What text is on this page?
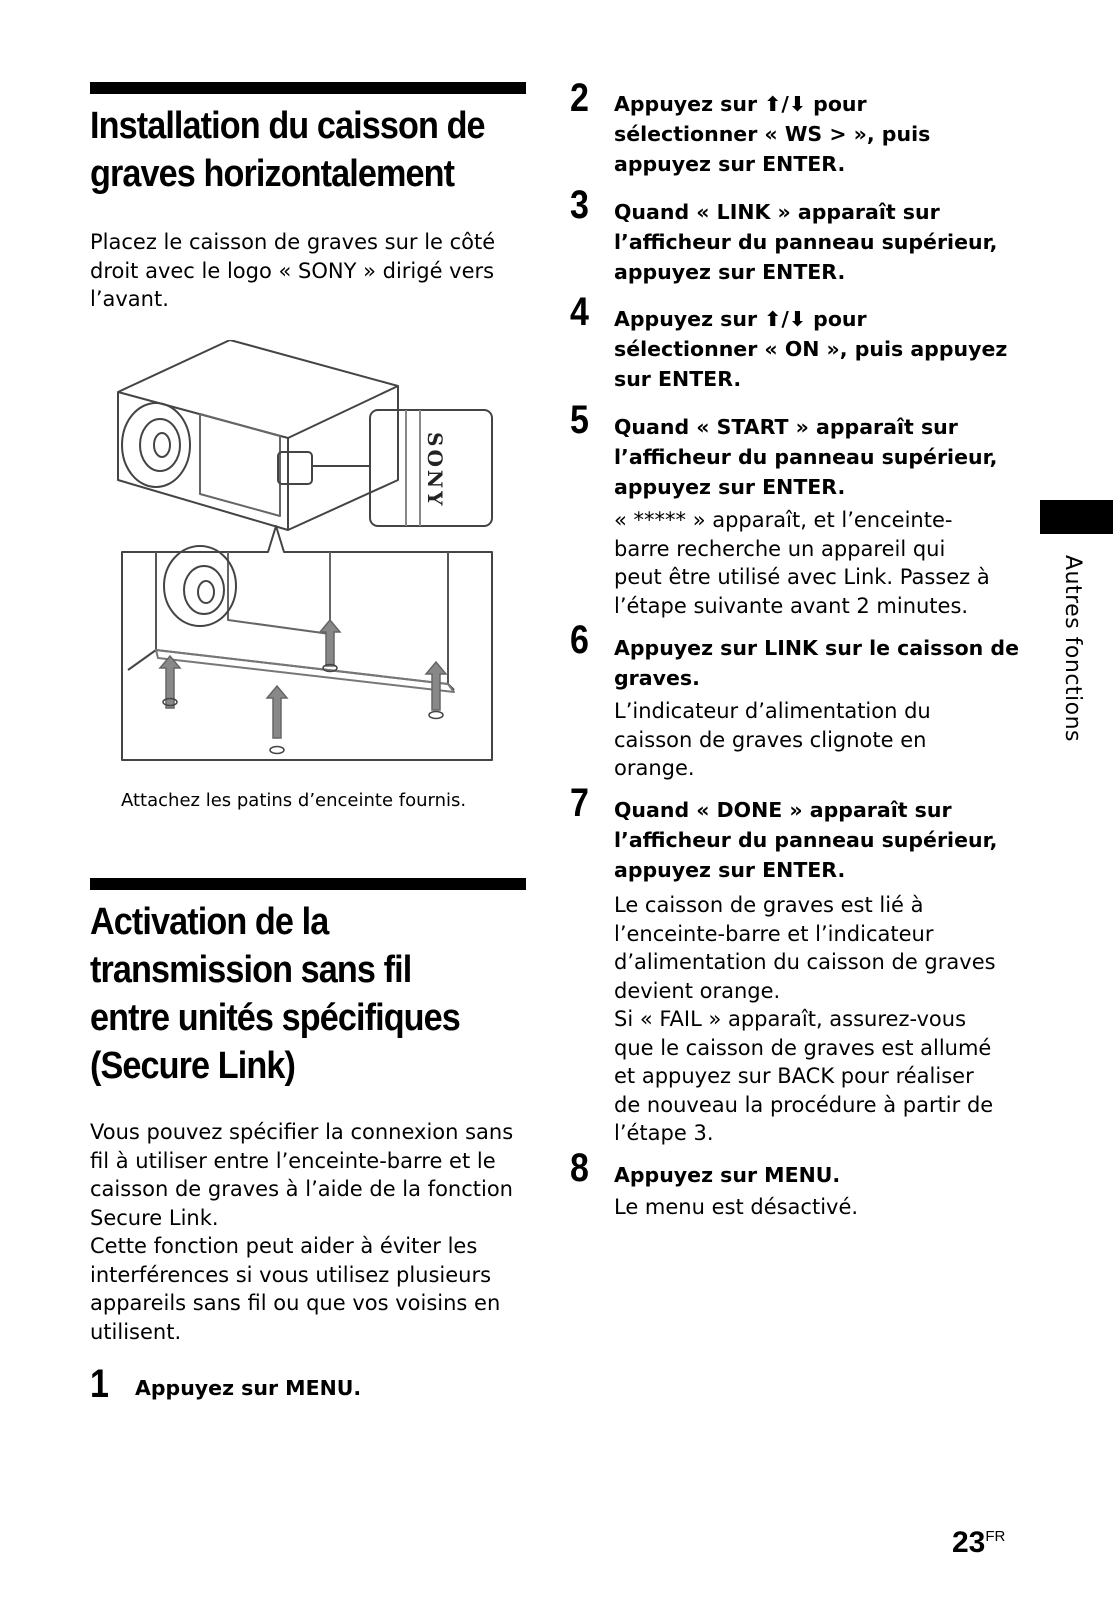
Installation du caisson de
graves horizontalement

Placez le caisson de graves sur le côté
droit avec le logo « SONY » dirigé vers
l’avant.

SONY
Attachez les patins d’enceinte fournis.
Activation de la
transmission sans fil
entre unités spécifiques
(Secure Link)

Vous pouvez spécifier la connexion sans
fil à utiliser entre l’enceinte-barre et le
caisson de graves à l’aide de la fonction
Secure Link.
Cette fonction peut aider à éviter les
interférences si vous utilisez plusieurs
appareils sans fil ou que vos voisins en
utilisent.

1 Appuyez sur MENU.
2 Appuyez sur ⬆/⬇ pour
sélectionner « WS > », puis
appuyez sur ENTER.
3 Quand « LINK » apparaît sur
l’afficheur du panneau supérieur,
appuyez sur ENTER.
4 Appuyez sur ⬆/⬇ pour
sélectionner « ON », puis appuyez
sur ENTER.
5 Quand « START » apparaît sur
l’afficheur du panneau supérieur,
appuyez sur ENTER.
« ***** » apparaît, et l’enceinte-
barre recherche un appareil qui
peut être utilisé avec Link. Passez à
l’étape suivante avant 2 minutes.
6 Appuyez sur LINK sur le caisson de
graves.
L’indicateur d’alimentation du
caisson de graves clignote en
orange.
7 Quand « DONE » apparaît sur
l’afficheur du panneau supérieur,
appuyez sur ENTER.
Le caisson de graves est lié à
l’enceinte-barre et l’indicateur
d’alimentation du caisson de graves
devient orange.
Si « FAIL » apparaît, assurez-vous
que le caisson de graves est allumé
et appuyez sur BACK pour réaliser
de nouveau la procédure à partir de
l’étape 3.
8 Appuyez sur MENU.
Le menu est désactivé.
Autres fonctions
$23^{FR}$
